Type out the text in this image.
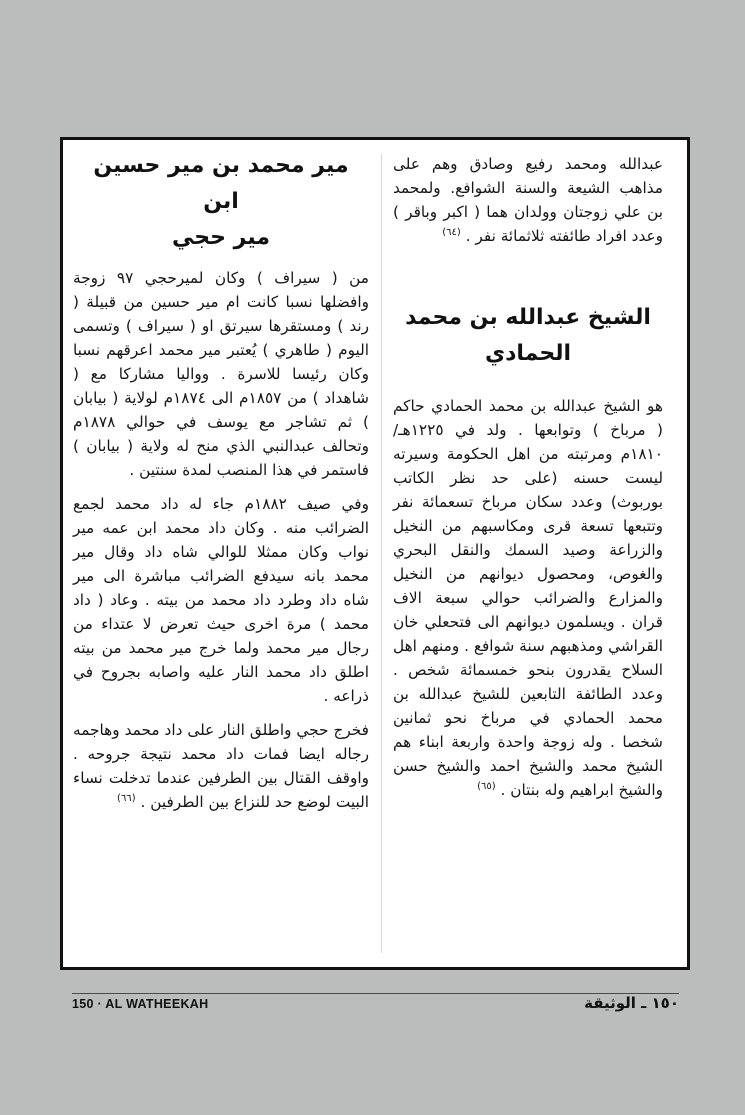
عبدالله ومحمد رفيع وصادق وهم على مذاهب الشيعة والسنة الشوافع. ولمحمد بن علي زوجتان وولدان هما ( اكبر وباقر ) وعدد افراد طائفته ثلاثمائة نفر . $^{(٦٤)}$

الشيخ عبدالله بن محمد

الحمادي

هو الشيخ عبدالله بن محمد الحمادي حاكم ( مرباخ ) وتوابعها . ولد في ١٢٢٥هـ/ ١٨١٠م ومرتبته من اهل الحكومة وسيرته ليست حسنه (على حد نظر الكاتب بوربوث) وعدد سكان مرباخ تسعمائة نفر وتتبعها تسعة قرى ومكاسبهم من النخيل والزراعة وصيد السمك والنقل البحري والغوص، ومحصول ديوانهم من النخيل والمزارع والضرائب حوالي سبعة الاف قران . ويسلمون ديوانهم الى فتحعلي خان القراشي ومذهبهم سنة شوافع . ومنهم اهل السلاح يقدرون بنحو خمسمائة شخص . وعدد الطائفة التابعين للشيخ عبدالله بن محمد الحمادي في مرباخ نحو ثمانين شخصا . وله زوجة واحدة واربعة ابناء هم الشيخ محمد والشيخ احمد والشيخ حسن والشيخ ابراهيم وله بنتان . $^{(٦٥)}$

مير محمد بن مير حسين ابن

مير حجي

من ( سيراف ) وكان لميرحجي ٩٧ زوجة وافضلها نسبا كانت ام مير حسين من قبيلة ( رند ) ومستقرها سيرتق او ( سيراف ) وتسمى اليوم ( طاهري ) يُعتبر مير محمد اعرقهم نسبا وكان رئيسا للاسرة . وواليا مشاركا مع ( شاهداد ) من ١٨٥٧م الى ١٨٧٤م لولاية ( بيابان ) ثم تشاجر مع يوسف في حوالي ١٨٧٨م وتحالف عبدالنبي الذي منح له ولاية ( بيابان ) فاستمر في هذا المنصب لمدة سنتين .

وفي صيف ١٨٨٢م جاء له داد محمد لجمع الضرائب منه . وكان داد محمد ابن عمه مير نواب وكان ممثلا للوالي شاه داد وقال مير محمد بانه سيدفع الضرائب مباشرة الى مير شاه داد وطرد داد محمد من بيته . وعاد ( داد محمد ) مرة اخرى حيث تعرض لا عتداء من رجال مير محمد ولما خرج مير محمد من بيته اطلق داد محمد النار عليه واصابه بجروح في ذراعه .

فخرج حجي واطلق النار على داد محمد وهاجمه رجاله ايضا فمات داد محمد نتيجة جروحه . واوقف القتال بين الطرفين عندما تدخلت نساء البيت لوضع حد للنزاع بين الطرفين . $^{(٦٦)}$

150 · AL WATHEEKAH	١٥٠ ـ الوثيقة
